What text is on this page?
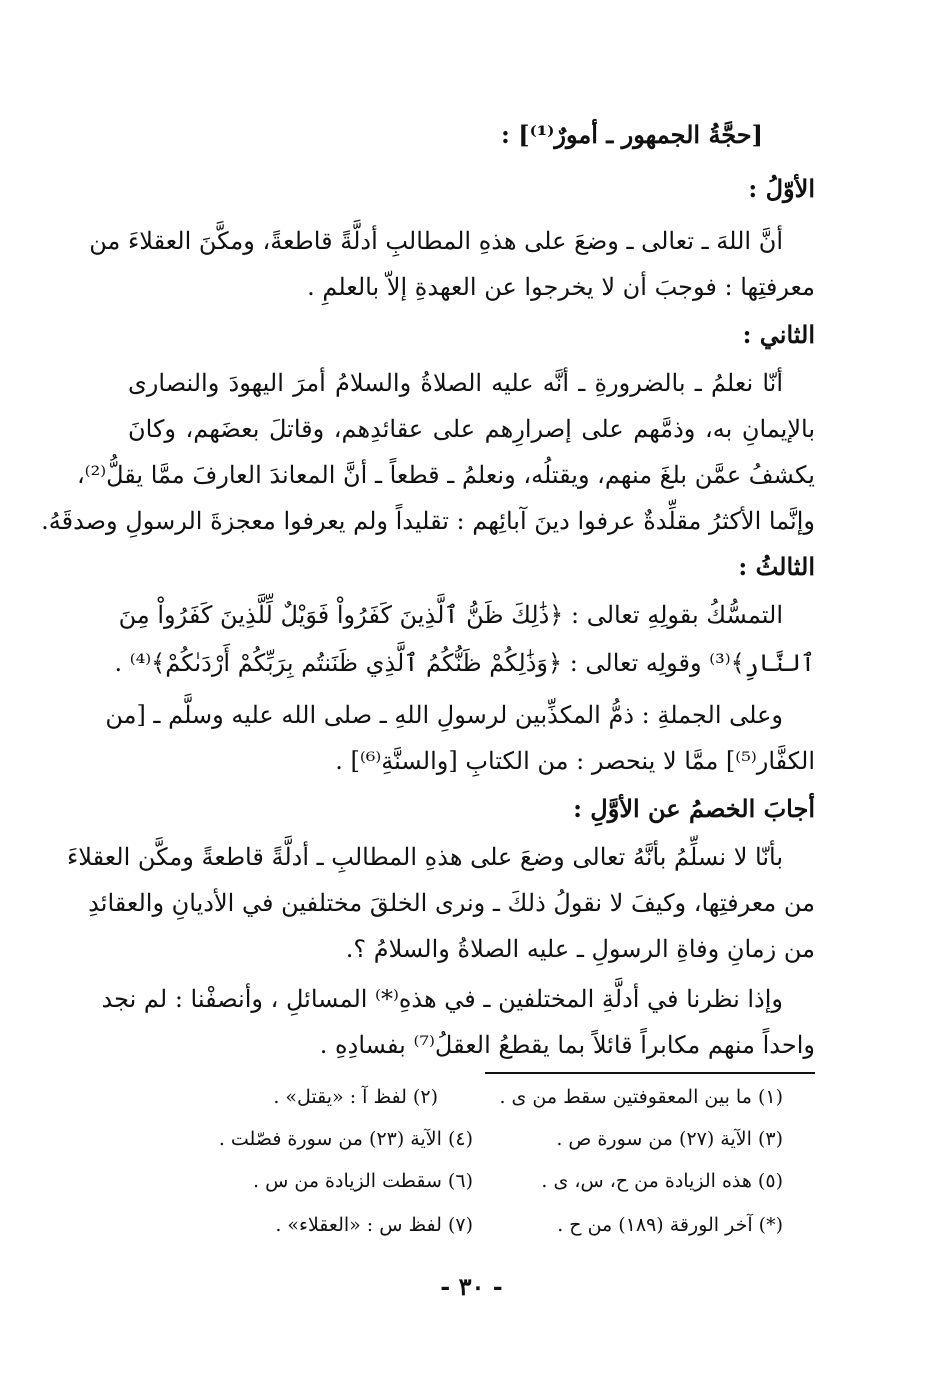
[حجَّةُ الجمهور ـ أمورٌ⁽¹⁾] :
الأوّلُ :
أنَّ اللهَ ـ تعالى ـ وضعَ على هذهِ المطالبِ أدلَّةً قاطعةً، ومكَّنَ العقلاءَ من
معرفتِها : فوجبَ أن لا يخرجوا عن العهدةِ إلاّ بالعلمِ .
الثاني :
أنّا نعلمُ ـ بالضرورةِ ـ أنَّه عليه الصلاةُ والسلامُ أمرَ اليهودَ والنصارى
بالإيمانِ به، وذمَّهم على إصرارِهم على عقائدِهم، وقاتلَ بعضَهم، وكانَ
يكشفُ عمَّن بلغَ منهم، ويقتلُه، ونعلمُ ـ قطعاً ـ أنَّ المعاندَ العارفَ ممَّا يقلُّ⁽²⁾،
وإنَّما الأكثرُ مقلِّدةٌ عرفوا دينَ آبائِهم : تقليداً ولم يعرفوا معجزةَ الرسولِ وصدقَهُ.
الثالثُ :
التمسُّكُ بقولِهِ تعالى : ﴿ذَٰلِكَ ظَنُّ ٱلَّذِينَ كَفَرُواْ فَوَيْلٌ لِّلَّذِينَ كَفَرُواْ مِنَ
ٱلنَّارِ﴾⁽³⁾ وقولِه تعالى : ﴿وَذَٰلِكُمْ ظَنُّكُمُ ٱلَّذِي ظَنَنتُم بِرَبِّكُمْ أَرْدَىٰكُمْ﴾⁽⁴⁾ .
وعلى الجملةِ : ذمُّ المكذِّبين لرسولِ اللهِ ـ صلى الله عليه وسلَّم ـ [من
الكفَّار⁽⁵⁾] ممَّا لا ينحصر : من الكتابِ [والسنَّةِ⁽⁶⁾] .
أجابَ الخصمُ عن الأوَّلِ :
بأنّا لا نسلِّمُ بأنَّهُ تعالى وضعَ على هذهِ المطالبِ ـ أدلَّةً قاطعةً ومكَّن العقلاءَ
من معرفتِها، وكيفَ لا نقولُ ذلكَ ـ ونرى الخلقَ مختلفين في الأديانِ والعقائدِ
من زمانِ وفاةِ الرسولِ ـ عليه الصلاةُ والسلامُ ؟.
وإذا نظرنا في أدلَّةِ المختلفين ـ في هذهِ⁽*⁾ المسائلِ ، وأنصفْنا : لم نجد
واحداً منهم مكابراً قائلاً بما يقطعُ العقلُ⁽⁷⁾ بفسادِهِ .
(١) ما بين المعقوفتين سقط من ى .
(٢) لفظ آ : «يقتل» .
(٣) الآية (٢٧) من سورة ص .
(٤) الآية (٢٣) من سورة فصّلت .
(٥) هذه الزيادة من ح، س، ى .
(٦) سقطت الزيادة من س .
(*) آخر الورقة (١٨٩) من ح .
(٧) لفظ س : «العقلاء» .
- ٣٠ -
